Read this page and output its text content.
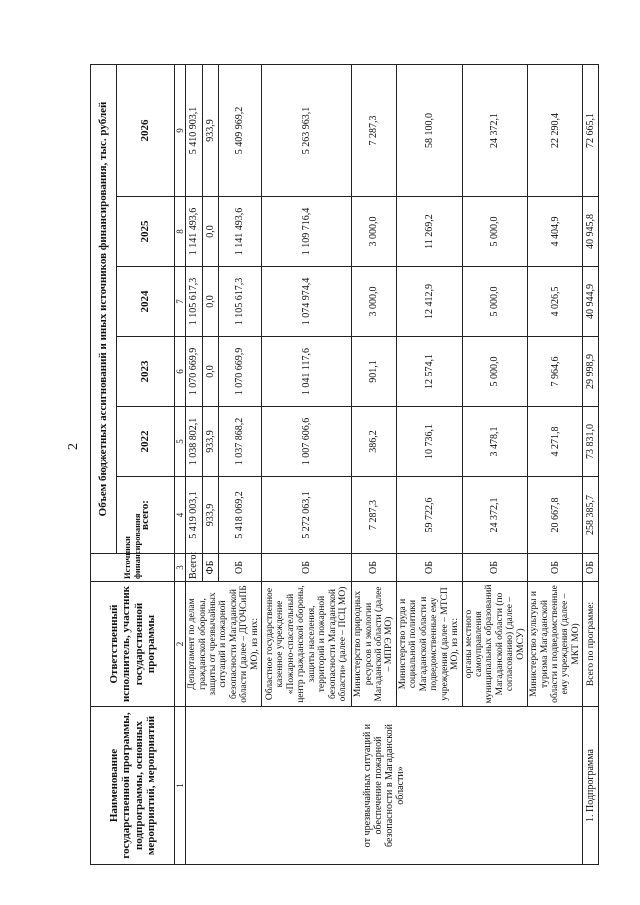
2
Наименование государственной программы, подпрограммы, основных мероприятий, мероприятий	Ответственный исполнитель, участник государственной программы	Источники финансирования	Объем бюджетных ассигнований и иных источников финансирования, тыс. рублей					
			всего:	2022	2023	2024	2025	2026
1	2	3	4	5	6	7	8	9
от чрезвычайных ситуаций и обеспечение пожарной безопасности в Магаданской области»	Департамент по делам гражданской обороны, защиты от чрезвычайных ситуаций и пожарной безопасности Магаданской области (далее – ДГОЧСиПБ МО), из них:	Всего:	5 419 003,1	1 038 802,1	1 070 669,9	1 105 617,3	1 141 493,6	5 410 903,1
		ФБ	933,9	933,9	0,0	0,0	0,0	933,9
		ОБ	5 418 069,2	1 037 868,2	1 070 669,9	1 105 617,3	1 141 493,6	5 409 969,2
	Областное государственное казенное учреждение «Пожарно-спасательный центр гражданской обороны, защиты населения, территорий и пожарной безопасности Магаданской области» (далее – ПСЦ МО)	ОБ	5 272 063,1	1 007 606,6	1 041 117,6	1 074 974,4	1 109 716,4	5 263 963,1
	Министерство природных ресурсов и экологии Магаданской области (далее – МПРЭ МО)	ОБ	7 287,3	386,2	901,1	3 000,0	3 000,0	7 287,3
	Министерство труда и социальной политики Магаданской области и подведомственные ему учреждения (далее – МТСП МО), из них:	ОБ	59 722,6	10 736,1	12 574,1	12 412,9	11 269,2	58 100,0
	органы местного самоуправления муниципальных образований Магаданской области (по согласованию) (далее – ОМСУ)	ОБ	24 372,1	3 478,1	5 000,0	5 000,0	5 000,0	24 372,1
	Министерство культуры и туризма Магаданской области и подведомственные ему учреждения (далее – МКТ МО)	ОБ	20 667,8	4 271,8	7 964,6	4 026,5	4 404,9	22 290,4
1. Подпрограмма	Всего по программе:	ОБ	258 385,7	73 831,0	29 998,9	40 944,9	40 945,8	72 665,1
